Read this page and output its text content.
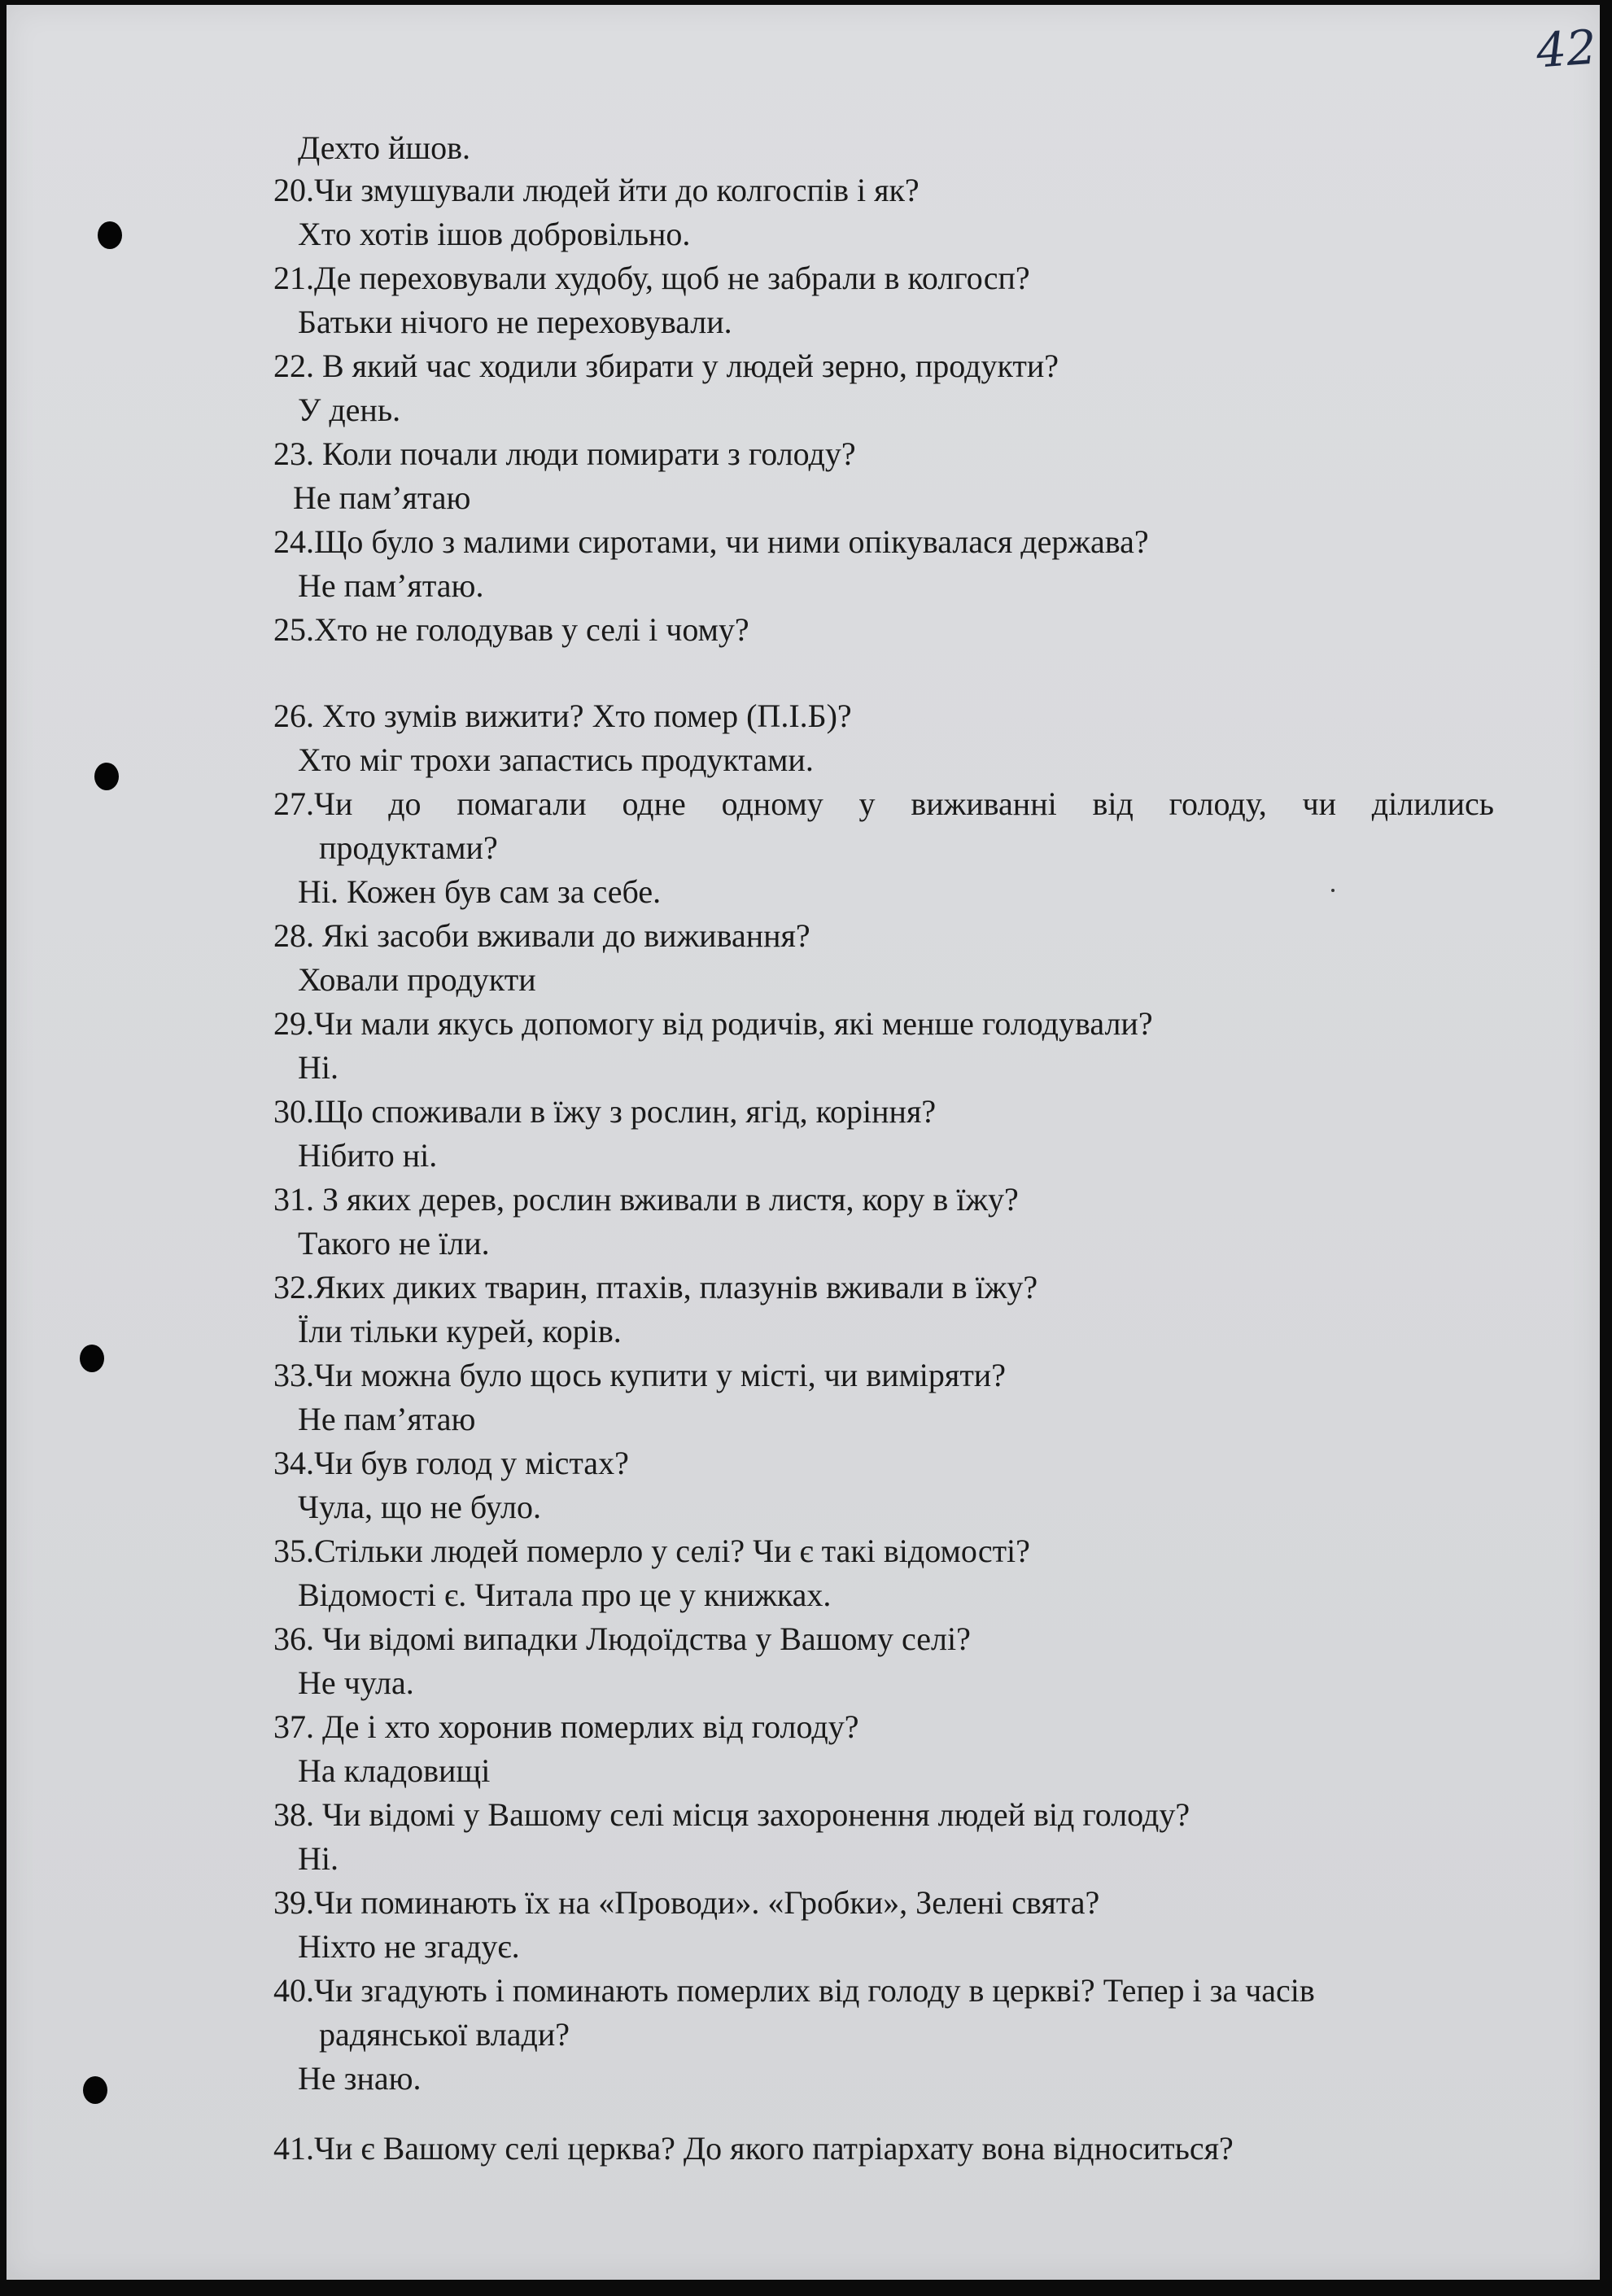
42
Дехто йшов.
20.Чи змушували людей йти до колгоспів і як?
Хто хотів ішов добровільно.
21.Де переховували худобу, щоб не забрали в колгосп?
Батьки нічого не переховували.
22. В який час ходили збирати у людей зерно, продукти?
У день.
23. Коли почали люди помирати з голоду?
Не пам’ятаю
24.Що було з малими сиротами, чи ними опікувалася держава?
Не пам’ятаю.
25.Хто не голодував у селі і чому?
26. Хто зумів вижити? Хто помер (П.І.Б)?
Хто міг трохи запастись продуктами.
27.Чи до помагали одне одному у виживанні від голоду, чи ділились
продуктами?
Ні. Кожен був сам за себе.
28. Які засоби вживали до виживання?
Ховали продукти
29.Чи мали якусь допомогу від родичів, які менше голодували?
Ні.
30.Що споживали в їжу з рослин, ягід, коріння?
Нібито ні.
31. З яких дерев, рослин вживали в листя, кору в їжу?
Такого не їли.
32.Яких диких тварин, птахів, плазунів вживали в їжу?
Їли тільки курей, корів.
33.Чи можна було щось купити у місті, чи виміряти?
Не пам’ятаю
34.Чи був голод у містах?
Чула, що не було.
35.Стільки людей померло у селі? Чи є такі відомості?
Відомості є. Читала про це у книжках.
36. Чи відомі випадки Людоїдства у Вашому селі?
Не чула.
37. Де і хто хоронив померлих від голоду?
На кладовищі
38. Чи відомі у Вашому селі місця захоронення людей від голоду?
Ні.
39.Чи поминають їх на «Проводи». «Гробки», Зелені свята?
Ніхто не згадує.
40.Чи згадують і поминають померлих від голоду в церкві? Тепер і за часів
радянської влади?
Не знаю.
41.Чи є Вашому селі церква? До якого патріархату вона відноситься?
